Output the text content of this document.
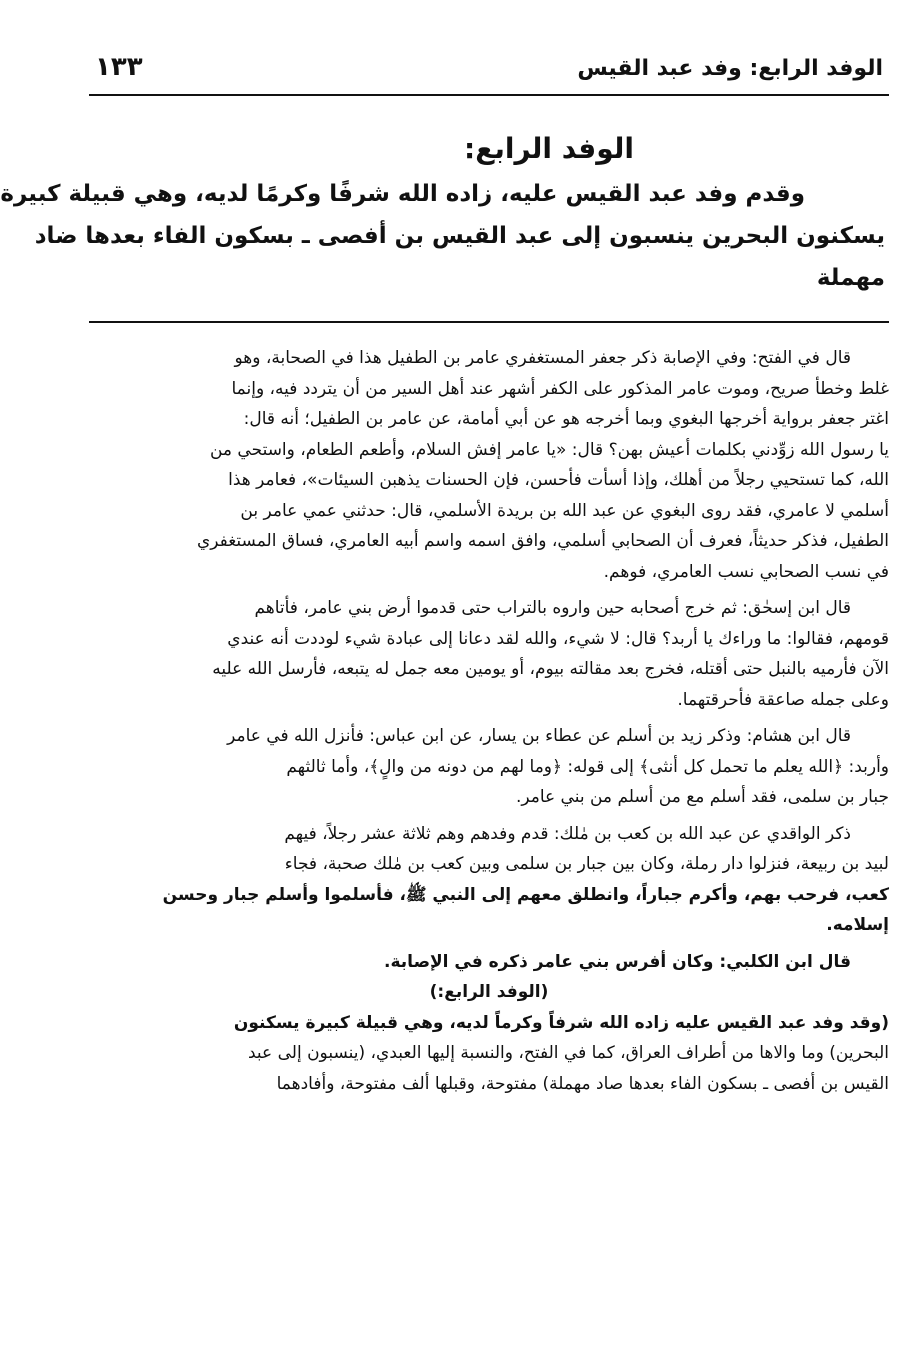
الوفد الرابع: وفد عبد القيس
١٣٣
الوفد الرابع:
وقدم وفد عبد القيس عليه، زاده الله شرفًا وكرمًا لديه، وهي قبيلة كبيرة
يسكنون البحرين ينسبون إلى عبد القيس بن أفصى ـ بسكون الفاء بعدها ضاد
مهملة
قال في الفتح: وفي الإصابة ذكر جعفر المستغفري عامر بن الطفيل هذا في الصحابة، وهو
غلط وخطأ صريح، وموت عامر المذكور على الكفر أشهر عند أهل السير من أن يتردد فيه، وإنما
اغتر جعفر برواية أخرجها البغوي وبما أخرجه هو عن أبي أمامة، عن عامر بن الطفيل؛ أنه قال:
يا رسول الله زوِّدني بكلمات أعيش بهن؟ قال: «يا عامر إفش السلام، وأطعم الطعام، واستحي من
الله، كما تستحيي رجلاً من أهلك، وإذا أسأت فأحسن، فإن الحسنات يذهبن السيئات»، فعامر هذا
أسلمي لا عامري، فقد روى البغوي عن عبد الله بن بريدة الأسلمي، قال: حدثني عمي عامر بن
الطفيل، فذكر حديثاً، فعرف أن الصحابي أسلمي، وافق اسمه واسم أبيه العامري، فساق المستغفري
في نسب الصحابي نسب العامري، فوهم.
قال ابن إسحٰق: ثم خرج أصحابه حين واروه بالتراب حتى قدموا أرض بني عامر، فأتاهم
قومهم، فقالوا: ما وراءك يا أربد؟ قال: لا شيء، والله لقد دعانا إلى عبادة شيء لوددت أنه عندي
الآن فأرميه بالنبل حتى أقتله، فخرج بعد مقالته بيوم، أو يومين معه جمل له يتبعه، فأرسل الله عليه
وعلى جمله صاعقة فأحرقتهما.
قال ابن هشام: وذكر زيد بن أسلم عن عطاء بن يسار، عن ابن عباس: فأنزل الله في عامر
وأربد: ﴿الله يعلم ما تحمل كل أنثى﴾ إلى قوله: ﴿وما لهم من دونه من والٍ﴾، وأما ثالثهم
جبار بن سلمى، فقد أسلم مع من أسلم من بني عامر.
ذكر الواقدي عن عبد الله بن كعب بن مٰلك: قدم وفدهم وهم ثلاثة عشر رجلاً، فيهم
لبيد بن ربيعة، فنزلوا دار رملة، وكان بين جبار بن سلمى وبين كعب بن مٰلك صحبة، فجاء
كعب، فرحب بهم، وأكرم جباراً، وانطلق معهم إلى النبي ﷺ، فأسلموا وأسلم جبار وحسن
إسلامه.
قال ابن الكلبي: وكان أفرس بني عامر ذكره في الإصابة.
(الوفد الرابع:)
(وقد وفد عبد القيس عليه زاده الله شرفاً وكرماً لديه، وهي قبيلة كبيرة يسكنون
البحرين) وما والاها من أطراف العراق، كما في الفتح، والنسبة إليها العبدي، (ينسبون إلى عبد
القيس بن أفصى ـ بسكون الفاء بعدها صاد مهملة) مفتوحة، وقبلها ألف مفتوحة، وأفادهما
